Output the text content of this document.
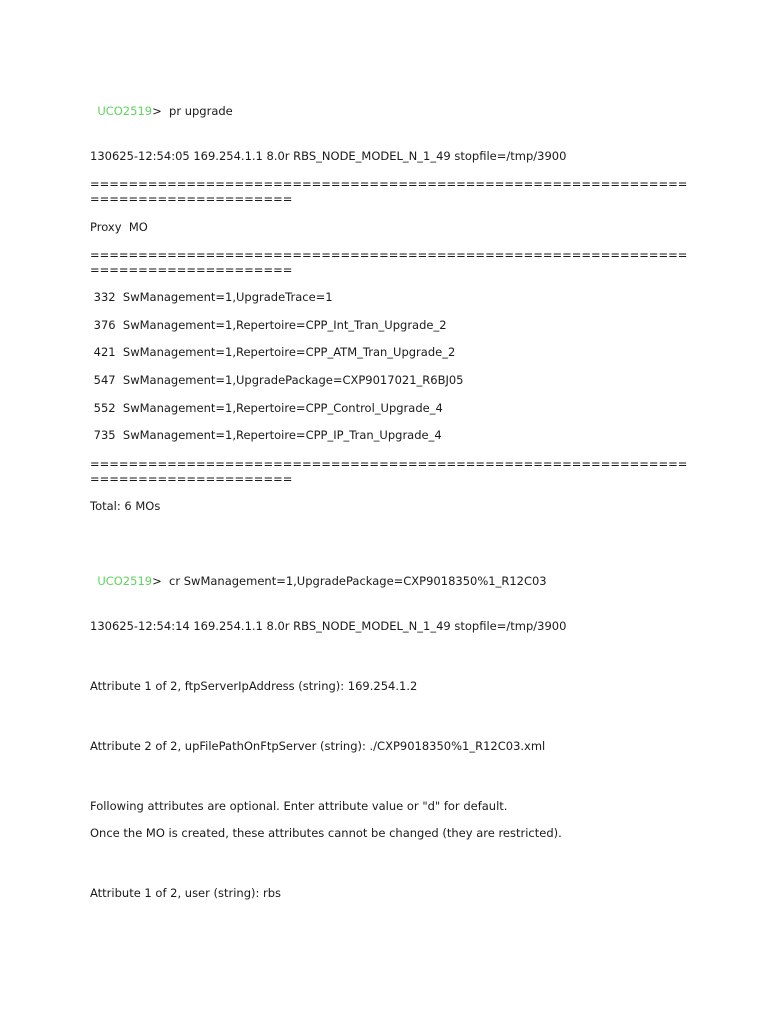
UCO2519>  pr upgrade

130625-12:54:05 169.254.1.1 8.0r RBS_NODE_MODEL_N_1_49 stopfile=/tmp/3900
==============================================================
=====================
Proxy  MO
==============================================================
=====================
332  SwManagement=1,UpgradeTrace=1
376  SwManagement=1,Repertoire=CPP_Int_Tran_Upgrade_2
421  SwManagement=1,Repertoire=CPP_ATM_Tran_Upgrade_2
547  SwManagement=1,UpgradePackage=CXP9017021_R6BJ05
552  SwManagement=1,Repertoire=CPP_Control_Upgrade_4
735  SwManagement=1,Repertoire=CPP_IP_Tran_Upgrade_4
==============================================================
=====================
Total: 6 MOs

UCO2519>  cr SwManagement=1,UpgradePackage=CXP9018350%1_R12C03

130625-12:54:14 169.254.1.1 8.0r RBS_NODE_MODEL_N_1_49 stopfile=/tmp/3900
Attribute 1 of 2, ftpServerIpAddress (string): 169.254.1.2
Attribute 2 of 2, upFilePathOnFtpServer (string): ./CXP9018350%1_R12C03.xml
Following attributes are optional. Enter attribute value or "d" for default.
Once the MO is created, these attributes cannot be changed (they are restricted).
Attribute 1 of 2, user (string): rbs
